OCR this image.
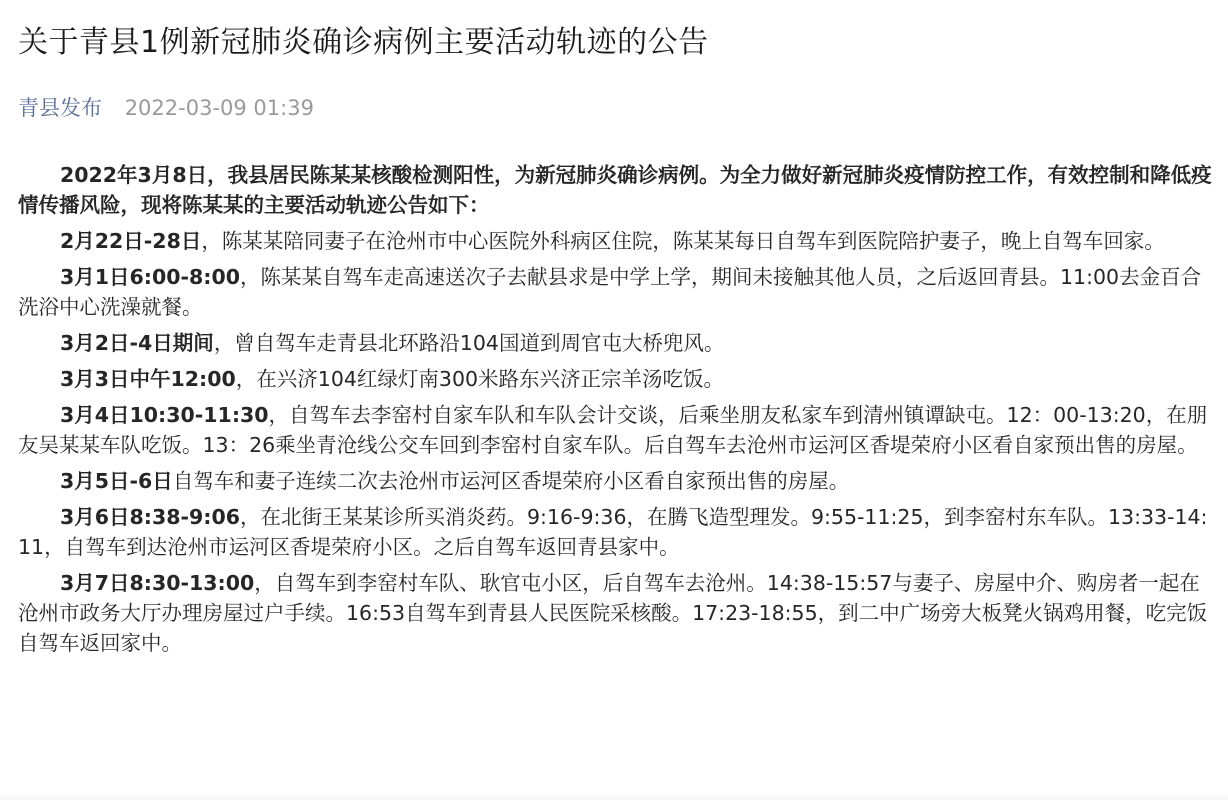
关于青县1例新冠肺炎确诊病例主要活动轨迹的公告
青县发布 2022-03-09 01:39

2022年3月8日，我县居民陈某某核酸检测阳性，为新冠肺炎确诊病例。为全力做好新冠肺炎疫情防控工作，有效控制和降低疫情传播风险，现将陈某某的主要活动轨迹公告如下：

2月22日-28日，陈某某陪同妻子在沧州市中心医院外科病区住院，陈某某每日自驾车到医院陪护妻子，晚上自驾车回家。

3月1日6:00-8:00，陈某某自驾车走高速送次子去献县求是中学上学，期间未接触其他人员，之后返回青县。11:00去金百合洗浴中心洗澡就餐。

3月2日-4日期间，曾自驾车走青县北环路沿104国道到周官屯大桥兜风。

3月3日中午12:00，在兴济104红绿灯南300米路东兴济正宗羊汤吃饭。

3月4日10:30-11:30，自驾车去李窑村自家车队和车队会计交谈，后乘坐朋友私家车到清州镇谭缺屯。12：00-13:20，在朋友吴某某车队吃饭。13：26乘坐青沧线公交车回到李窑村自家车队。后自驾车去沧州市运河区香堤荣府小区看自家预出售的房屋。

3月5日-6日自驾车和妻子连续二次去沧州市运河区香堤荣府小区看自家预出售的房屋。

3月6日8:38-9:06，在北街王某某诊所买消炎药。9:16-9:36，在腾飞造型理发。9:55-11:25，到李窑村东车队。13:33-14:11，自驾车到达沧州市运河区香堤荣府小区。之后自驾车返回青县家中。

3月7日8:30-13:00，自驾车到李窑村车队、耿官屯小区，后自驾车去沧州。14:38-15:57与妻子、房屋中介、购房者一起在沧州市政务大厅办理房屋过户手续。16:53自驾车到青县人民医院采核酸。17:23-18:55，到二中广场旁大板凳火锅鸡用餐，吃完饭自驾车返回家中。
